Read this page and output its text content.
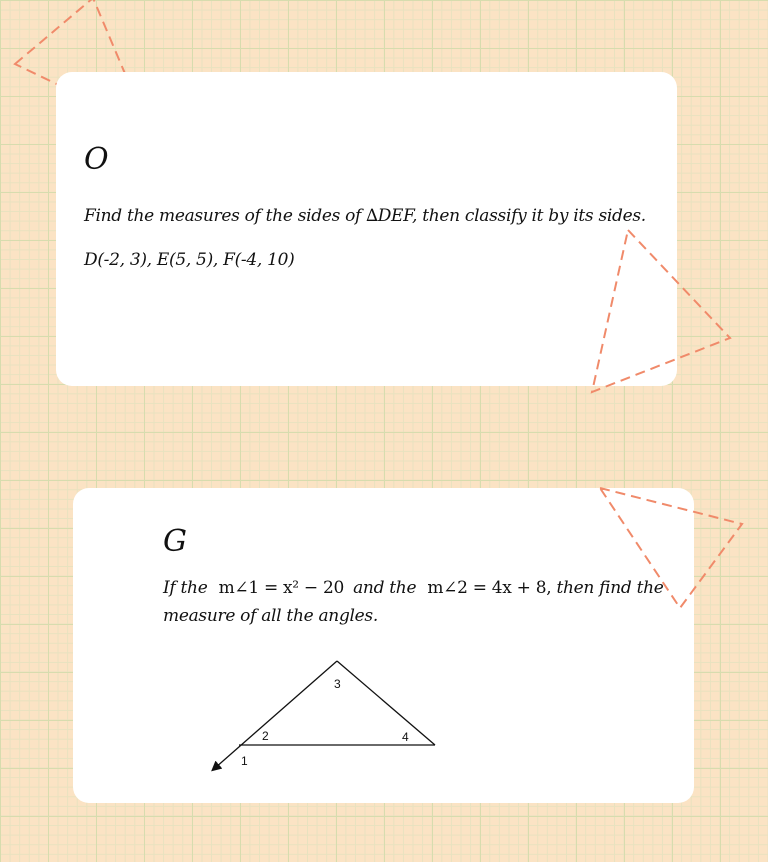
O
Find the measures of the sides of ∆DEF, then classify it by its sides.
D(-2, 3), E(5, 5), F(-4, 10)
G
If the m∠1 = x² − 20 and the m∠2 = 4x + 8, then find the
measure of all the angles.
1
2
3
4
